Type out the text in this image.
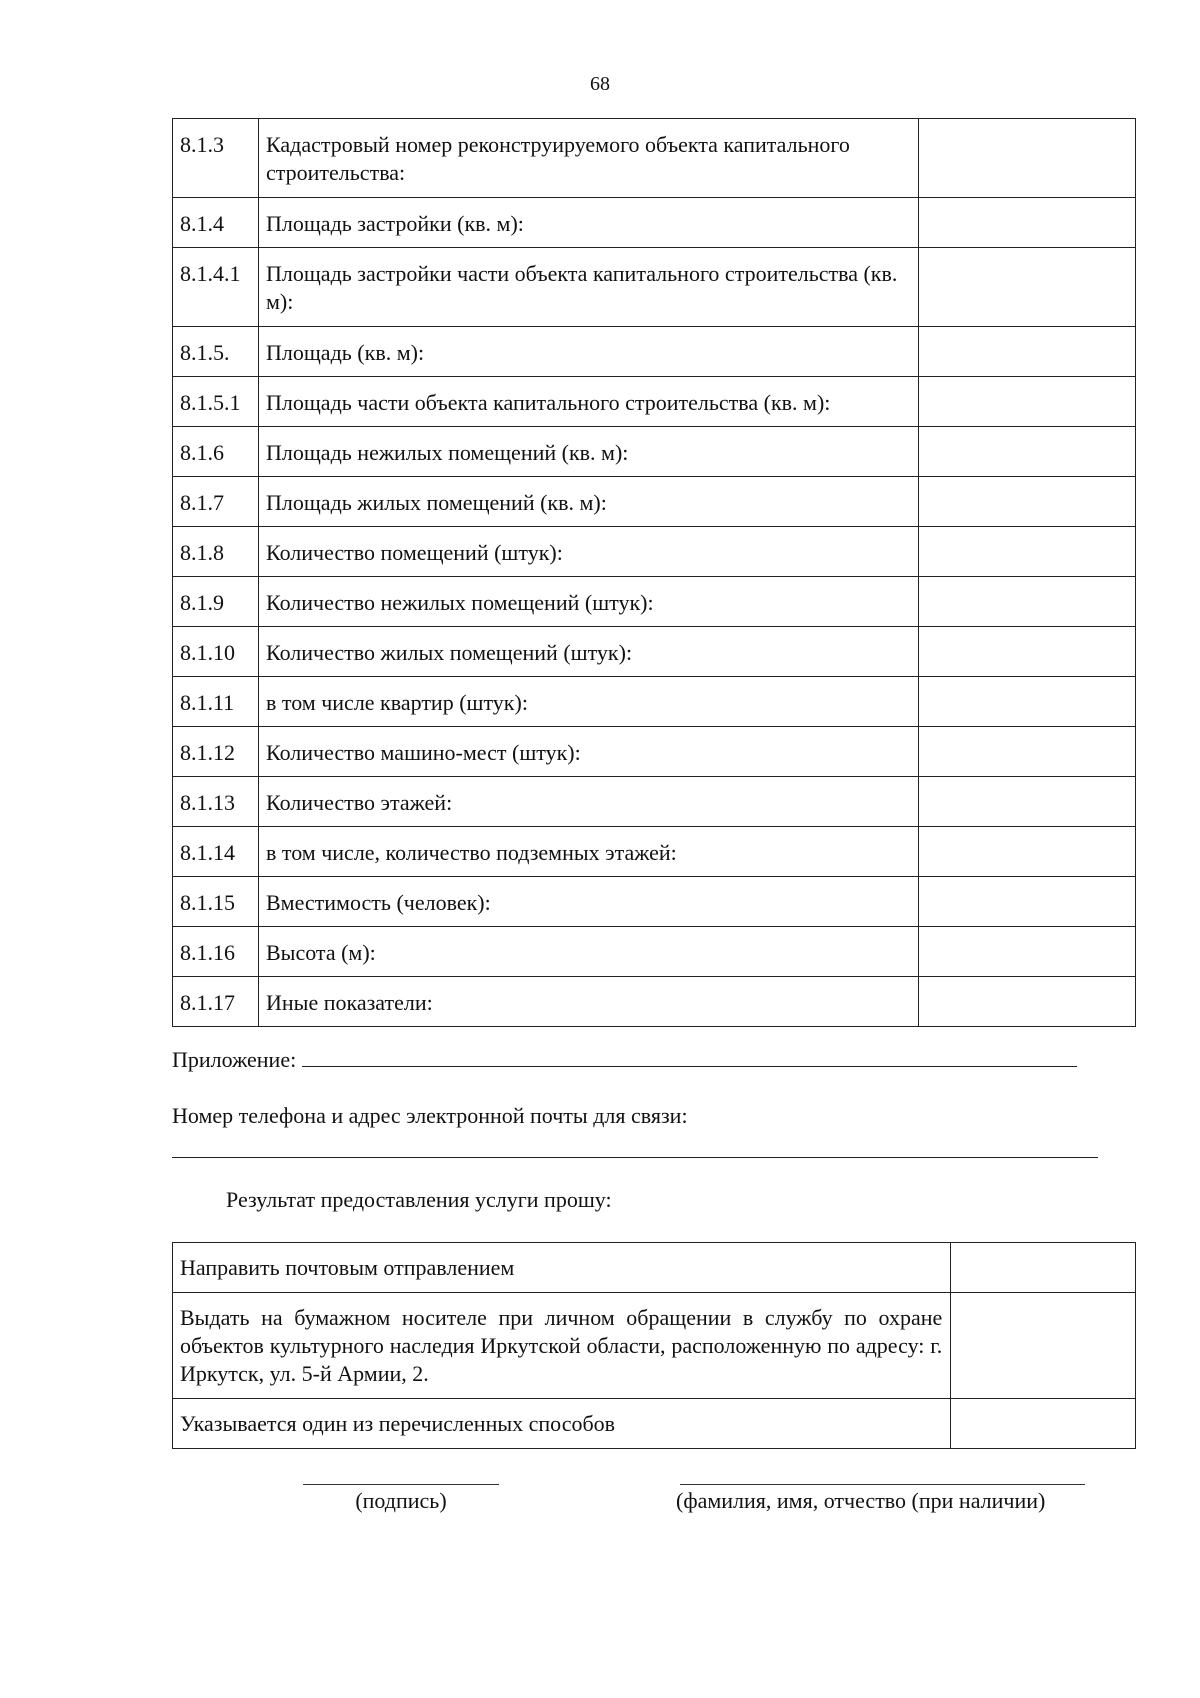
68
8.1.3	Кадастровый номер реконструируемого объекта капитального строительства:	
8.1.4	Площадь застройки (кв. м):	
8.1.4.1	Площадь застройки части объекта капитального строительства (кв. м):	
8.1.5.	Площадь (кв. м):	
8.1.5.1	Площадь части объекта капитального строительства (кв. м):	
8.1.6	Площадь нежилых помещений (кв. м):	
8.1.7	Площадь жилых помещений (кв. м):	
8.1.8	Количество помещений (штук):	
8.1.9	Количество нежилых помещений (штук):	
8.1.10	Количество жилых помещений (штук):	
8.1.11	в том числе квартир (штук):	
8.1.12	Количество машино-мест (штук):	
8.1.13	Количество этажей:	
8.1.14	в том числе, количество подземных этажей:	
8.1.15	Вместимость (человек):	
8.1.16	Высота (м):	
8.1.17	Иные показатели:	
Приложение:
Номер телефона и адрес электронной почты для связи:
Результат предоставления услуги прошу:
Направить почтовым отправлением	
Выдать на бумажном носителе при личном обращении в службу по охране объектов культурного наследия Иркутской области, расположенную по адресу: г. Иркутск, ул. 5-й Армии, 2.	
Указывается один из перечисленных способов	
(подпись)	(фамилия, имя, отчество (при наличии)
